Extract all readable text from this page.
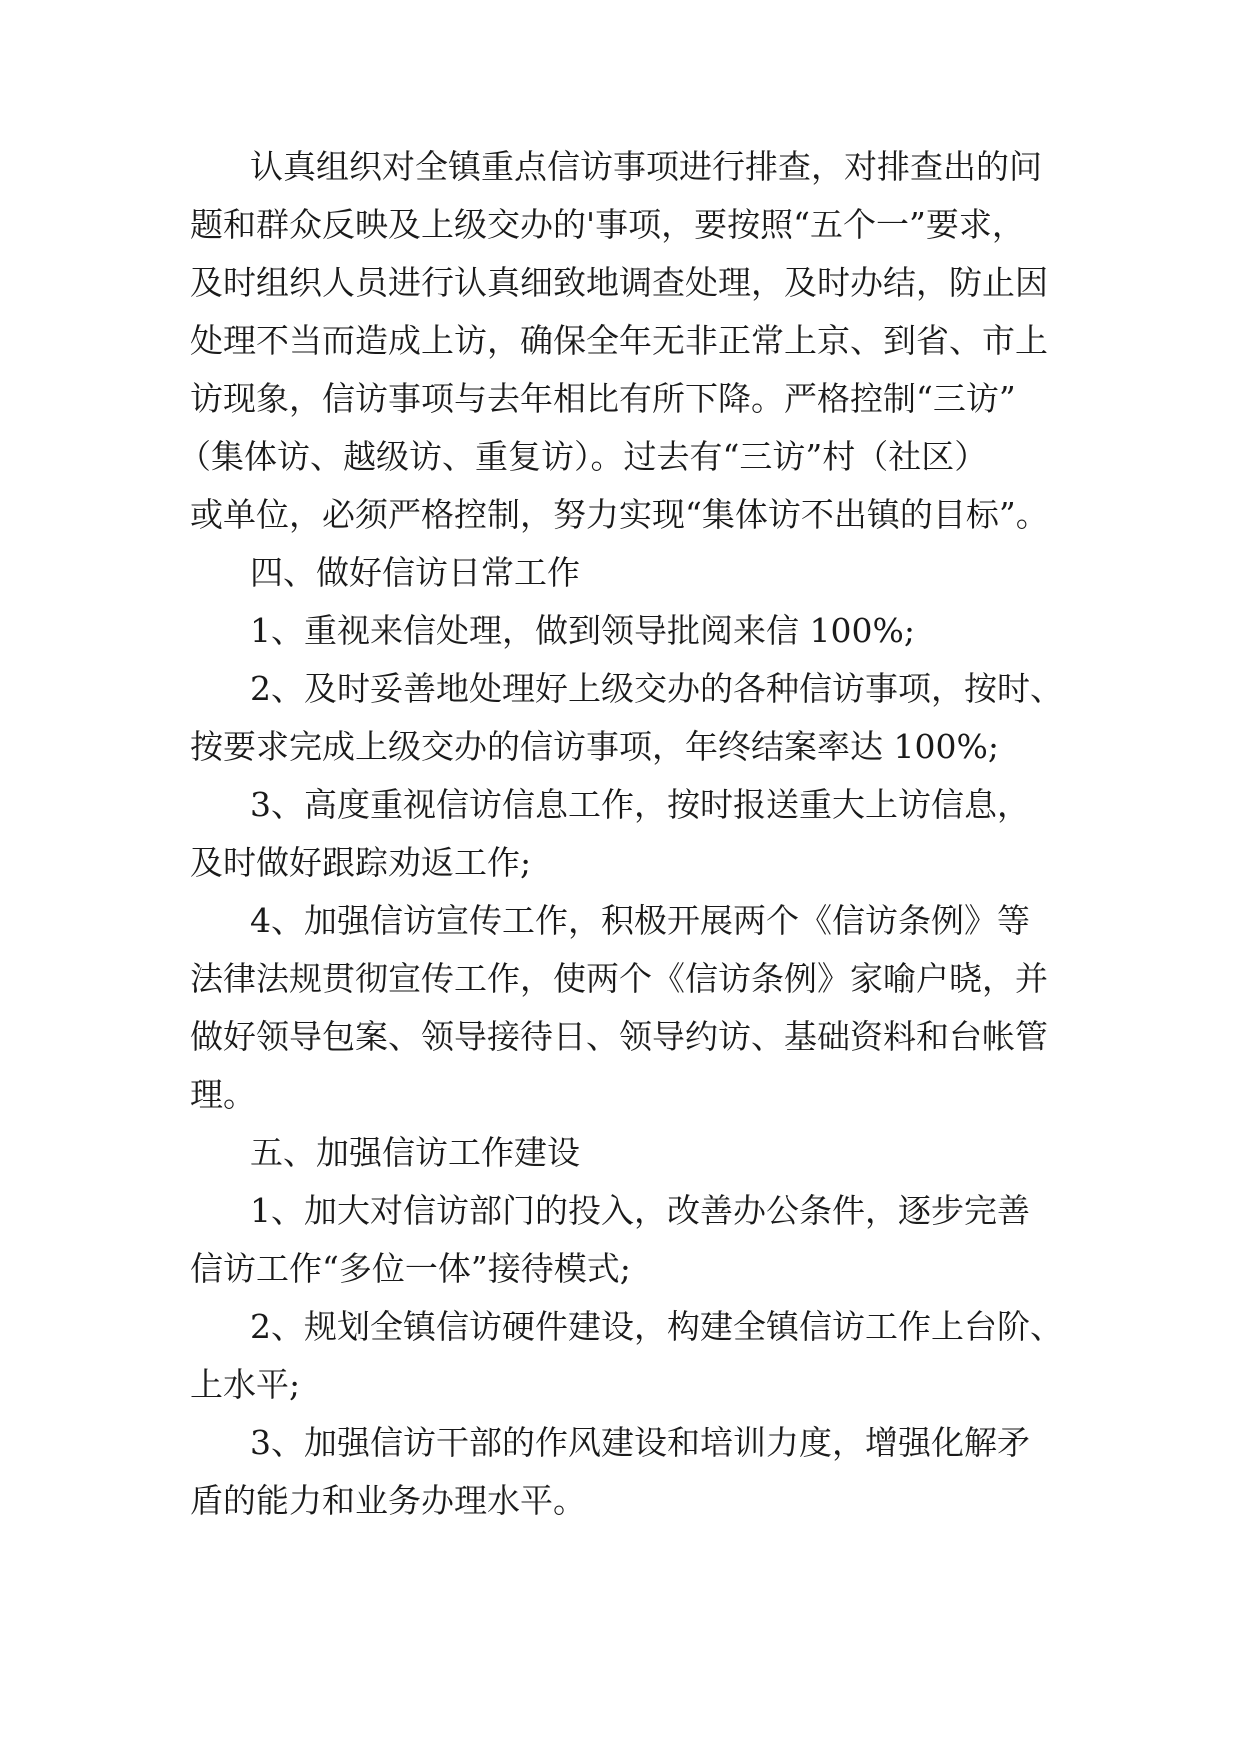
认真组织对全镇重点信访事项进行排查，对排查出的问
题和群众反映及上级交办的'事项，要按照“五个一”要求，
及时组织人员进行认真细致地调查处理，及时办结，防止因
处理不当而造成上访，确保全年无非正常上京、到省、市上
访现象，信访事项与去年相比有所下降。严格控制“三访”
（集体访、越级访、重复访）。过去有“三访”村（社区）
或单位，必须严格控制，努力实现“集体访不出镇的目标”。
四、做好信访日常工作
1、重视来信处理，做到领导批阅来信 100%;
2、及时妥善地处理好上级交办的各种信访事项，按时、
按要求完成上级交办的信访事项，年终结案率达 100%;
3、高度重视信访信息工作，按时报送重大上访信息，
及时做好跟踪劝返工作;
4、加强信访宣传工作，积极开展两个《信访条例》等
法律法规贯彻宣传工作，使两个《信访条例》家喻户晓，并
做好领导包案、领导接待日、领导约访、基础资料和台帐管
理。
五、加强信访工作建设
1、加大对信访部门的投入，改善办公条件，逐步完善
信访工作“多位一体”接待模式;
2、规划全镇信访硬件建设，构建全镇信访工作上台阶、
上水平;
3、加强信访干部的作风建设和培训力度，增强化解矛
盾的能力和业务办理水平。
